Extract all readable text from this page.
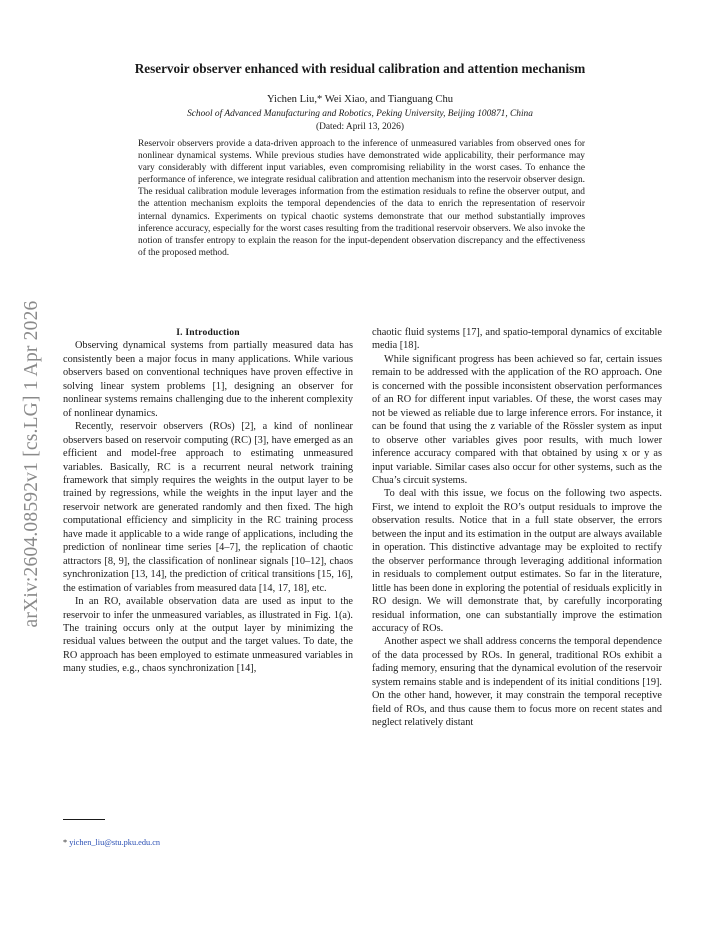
arXiv:2604.08592v1 [cs.LG] 1 Apr 2026
Reservoir observer enhanced with residual calibration and attention mechanism
Yichen Liu,* Wei Xiao, and Tianguang Chu
School of Advanced Manufacturing and Robotics, Peking University, Beijing 100871, China
(Dated: April 13, 2026)
Reservoir observers provide a data-driven approach to the inference of unmeasured variables from observed ones for nonlinear dynamical systems. While previous studies have demonstrated wide applicability, their performance may vary considerably with different input variables, even compromising reliability in the worst cases. To enhance the performance of inference, we integrate residual calibration and attention mechanism into the reservoir observer design. The residual calibration module leverages information from the estimation residuals to refine the observer output, and the attention mechanism exploits the temporal dependencies of the data to enrich the representation of reservoir internal dynamics. Experiments on typical chaotic systems demonstrate that our method substantially improves inference accuracy, especially for the worst cases resulting from the traditional reservoir observers. We also invoke the notion of transfer entropy to explain the reason for the input-dependent observation discrepancy and the effectiveness of the proposed method.

I. Introduction

Observing dynamical systems from partially measured data has consistently been a major focus in many applications. While various observers based on conventional techniques have proven effective in solving linear system problems [1], designing an observer for nonlinear systems remains challenging due to the inherent complexity of nonlinear dynamics.

Recently, reservoir observers (ROs) [2], a kind of nonlinear observers based on reservoir computing (RC) [3], have emerged as an efficient and model-free approach to estimating unmeasured variables. Basically, RC is a recurrent neural network training framework that simply requires the weights in the output layer to be trained by regressions, while the weights in the input layer and the reservoir network are generated randomly and then fixed. The high computational efficiency and simplicity in the RC training process have made it applicable to a wide range of applications, including the prediction of nonlinear time series [4–7], the replication of chaotic attractors [8, 9], the classification of nonlinear signals [10–12], chaos synchronization [13, 14], the prediction of critical transitions [15, 16], the estimation of variables from measured data [14, 17, 18], etc.

In an RO, available observation data are used as input to the reservoir to infer the unmeasured variables, as illustrated in Fig. 1(a). The training occurs only at the output layer by minimizing the residual values between the output and the target values. To date, the RO approach has been employed to estimate unmeasured variables in many studies, e.g., chaos synchronization [14],

chaotic fluid systems [17], and spatio-temporal dynamics of excitable media [18].

While significant progress has been achieved so far, certain issues remain to be addressed with the application of the RO approach. One is concerned with the possible inconsistent observation performances of an RO for different input variables. Of these, the worst cases may not be viewed as reliable due to large inference errors. For instance, it can be found that using the z variable of the Rössler system as input to observe other variables gives poor results, with much lower inference accuracy compared with that obtained by using x or y as input variable. Similar cases also occur for other systems, such as the Chua’s circuit systems.

To deal with this issue, we focus on the following two aspects. First, we intend to exploit the RO’s output residuals to improve the observation results. Notice that in a full state observer, the errors between the input and its estimation in the output are always available in operation. This distinctive advantage may be exploited to rectify the observer performance through leveraging additional information in residuals to complement output estimates. So far in the literature, little has been done in exploring the potential of residuals explicitly in RO design. We will demonstrate that, by carefully incorporating residual information, one can substantially improve the estimation accuracy of ROs.

Another aspect we shall address concerns the temporal dependence of the data processed by ROs. In general, traditional ROs exhibit a fading memory, ensuring that the dynamical evolution of the reservoir system remains stable and is independent of its initial conditions [19]. On the other hand, however, it may constrain the temporal receptive field of ROs, and thus cause them to focus more on recent states and neglect relatively distant

* yichen_liu@stu.pku.edu.cn
